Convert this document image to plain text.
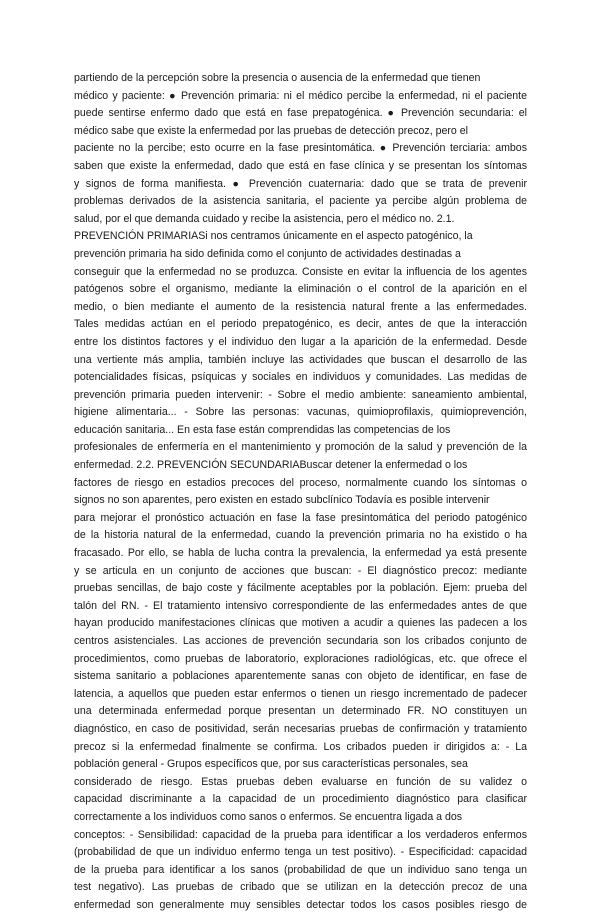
partiendo de la percepción sobre la presencia o ausencia de la enfermedad que tienen
médico y paciente: ● Prevención primaria: ni el médico percibe la enfermedad, ni el paciente
puede sentirse enfermo dado que está en fase prepatogénica. ● Prevención secundaria: el
médico sabe que existe la enfermedad por las pruebas de detección precoz, pero el
paciente no la percibe; esto ocurre en la fase presintomática. ● Prevención terciaria: ambos
saben que existe la enfermedad, dado que está en fase clínica y se presentan los síntomas
y signos de forma manifiesta. ● Prevención cuaternaria: dado que se trata de prevenir
problemas derivados de la asistencia sanitaria, el paciente ya percibe algún problema de
salud, por el que demanda cuidado y recibe la asistencia, pero el médico no. 2.1.
PREVENCIÓN PRIMARIASi nos centramos únicamente en el aspecto patogénico, la
prevención primaria ha sido definida como el conjunto de actividades destinadas a
conseguir que la enfermedad no se produzca. Consiste en evitar la influencia de los agentes
patógenos sobre el organismo, mediante la eliminación o el control de la aparición en el
medio, o bien mediante el aumento de la resistencia natural frente a las enfermedades.
Tales medidas actúan en el periodo prepatogénico, es decir, antes de que la interacción
entre los distintos factores y el individuo den lugar a la aparición de la enfermedad. Desde
una vertiente más amplia, también incluye las actividades que buscan el desarrollo de las
potencialidades físicas, psíquicas y sociales en individuos y comunidades. Las medidas de
prevención primaria pueden intervenir: - Sobre el medio ambiente: saneamiento ambiental,
higiene alimentaria... - Sobre las personas: vacunas, quimioprofilaxis, quimioprevención,
educación sanitaria... En esta fase están comprendidas las competencias de los
profesionales de enfermería en el mantenimiento y promoción de la salud y prevención de la
enfermedad. 2.2. PREVENCIÓN SECUNDARIABuscar detener la enfermedad o los
factores de riesgo en estadios precoces del proceso, normalmente cuando los síntomas o
signos no son aparentes, pero existen en estado subclínico Todavía es posible intervenir
para mejorar el pronóstico actuación en fase la fase presintomática del periodo patogénico
de la historia natural de la enfermedad, cuando la prevención primaria no ha existido o ha
fracasado. Por ello, se habla de lucha contra la prevalencia, la enfermedad ya está presente
y se articula en un conjunto de acciones que buscan: - El diagnóstico precoz: mediante
pruebas sencillas, de bajo coste y fácilmente aceptables por la población. Ejem: prueba del
talón del RN. - El tratamiento intensivo correspondiente de las enfermedades antes de que
hayan producido manifestaciones clínicas que motiven a acudir a quienes las padecen a los
centros asistenciales. Las acciones de prevención secundaria son los cribados conjunto de
procedimientos, como pruebas de laboratorio, exploraciones radiológicas, etc. que ofrece el
sistema sanitario a poblaciones aparentemente sanas con objeto de identificar, en fase de
latencia, a aquellos que pueden estar enfermos o tienen un riesgo incrementado de padecer
una determinada enfermedad porque presentan un determinado FR. NO constituyen un
diagnóstico, en caso de positividad, serán necesarias pruebas de confirmación y tratamiento
precoz si la enfermedad finalmente se confirma. Los cribados pueden ir dirigidos a: - La
población general - Grupos específicos que, por sus características personales, sea
considerado de riesgo. Estas pruebas deben evaluarse en función de su validez o
capacidad discriminante a la capacidad de un procedimiento diagnóstico para clasificar
correctamente a los individuos como sanos o enfermos. Se encuentra ligada a dos
conceptos: - Sensibilidad: capacidad de la prueba para identificar a los verdaderos enfermos
(probabilidad de que un individuo enfermo tenga un test positivo). - Especificidad: capacidad
de la prueba para identificar a los sanos (probabilidad de que un individuo sano tenga un
test negativo). Las pruebas de cribado que se utilizan en la detección precoz de una
enfermedad son generalmente muy sensibles detectar todos los casos posibles riesgo de
